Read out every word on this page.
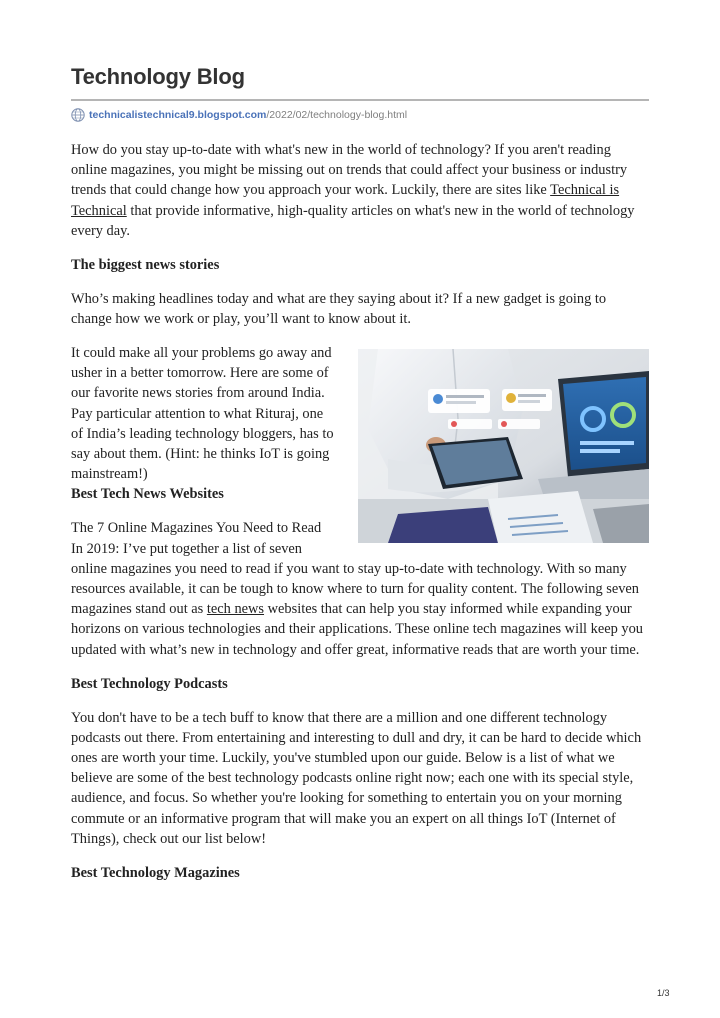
Technology Blog
technicalistechnical9.blogspot.com /2022/02/technology-blog.html

How do you stay up-to-date with what's new in the world of technology? If you aren't reading online magazines, you might be missing out on trends that could affect your business or industry trends that could change how you approach your work. Luckily, there are sites like Technical is Technical that provide informative, high-quality articles on what's new in the world of technology every day.

The biggest news stories

Who’s making headlines today and what are they saying about it? If a new gadget is going to change how we work or play, you’ll want to know about it.

It could make all your problems go away and usher in a better tomorrow. Here are some of our favorite news stories from around India. Pay particular attention to what Rituraj, one of India’s leading technology bloggers, has to say about them. (Hint: he thinks IoT is going mainstream!)

Best Tech News Websites

The 7 Online Magazines You Need to Read In 2019: I’ve put together a list of seven online magazines you need to read if you want to stay up-to-date with technology. With so many resources available, it can be tough to know where to turn for quality content. The following seven magazines stand out as tech news websites that can help you stay informed while expanding your horizons on various technologies and their applications. These online tech magazines will keep you updated with what’s new in technology and offer great, informative reads that are worth your time.

Best Technology Podcasts

You don't have to be a tech buff to know that there are a million and one different technology podcasts out there. From entertaining and interesting to dull and dry, it can be hard to decide which ones are worth your time. Luckily, you've stumbled upon our guide. Below is a list of what we believe are some of the best technology podcasts online right now; each one with its special style, audience, and focus. So whether you're looking for something to entertain you on your morning commute or an informative program that will make you an expert on all things IoT (Internet of Things), check out our list below!

Best Technology Magazines
1/3
